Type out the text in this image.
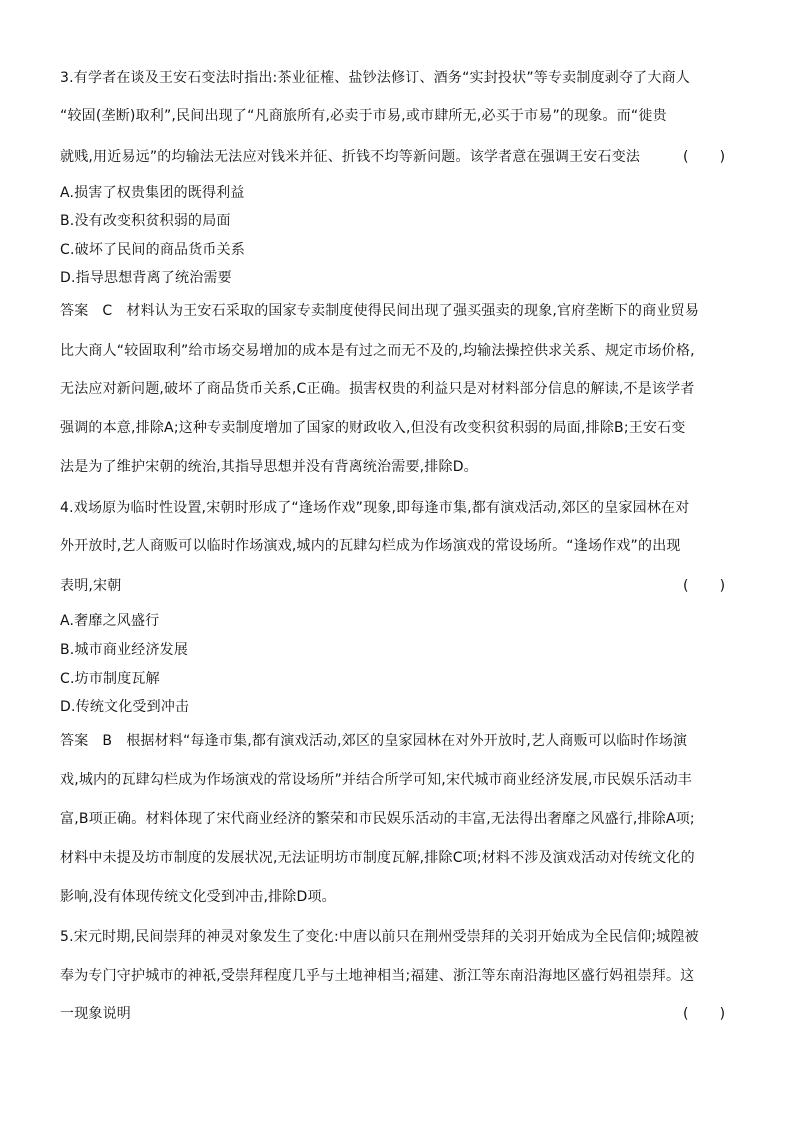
3.有学者在谈及王安石变法时指出:茶业征榷、盐钞法修订、酒务“实封投状”等专卖制度剥夺了大商人
“较固(垄断)取利”,民间出现了“凡商旅所有,必卖于市易,或市肆所无,必买于市易”的现象。而“徙贵
就贱,用近易远”的均输法无法应对钱米并征、折钱不均等新问题。该学者意在强调王安石变法	(       )
A.损害了权贵集团的既得利益
B.没有改变积贫积弱的局面
C.破坏了民间的商品货币关系
D.指导思想背离了统治需要
答案 C 材料认为王安石采取的国家专卖制度使得民间出现了强买强卖的现象,官府垄断下的商业贸易
比大商人“较固取利”给市场交易增加的成本是有过之而无不及的,均输法操控供求关系、规定市场价格,
无法应对新问题,破坏了商品货币关系,C正确。损害权贵的利益只是对材料部分信息的解读,不是该学者
强调的本意,排除A;这种专卖制度增加了国家的财政收入,但没有改变积贫积弱的局面,排除B;王安石变
法是为了维护宋朝的统治,其指导思想并没有背离统治需要,排除D。
4.戏场原为临时性设置,宋朝时形成了“逢场作戏”现象,即每逢市集,都有演戏活动,郊区的皇家园林在对
外开放时,艺人商贩可以临时作场演戏,城内的瓦肆勾栏成为作场演戏的常设场所。“逢场作戏”的出现
表明,宋朝	(       )
A.奢靡之风盛行
B.城市商业经济发展
C.坊市制度瓦解
D.传统文化受到冲击
答案 B 根据材料“每逢市集,都有演戏活动,郊区的皇家园林在对外开放时,艺人商贩可以临时作场演
戏,城内的瓦肆勾栏成为作场演戏的常设场所”并结合所学可知,宋代城市商业经济发展,市民娱乐活动丰
富,B项正确。材料体现了宋代商业经济的繁荣和市民娱乐活动的丰富,无法得出奢靡之风盛行,排除A项;
材料中未提及坊市制度的发展状况,无法证明坊市制度瓦解,排除C项;材料不涉及演戏活动对传统文化的
影响,没有体现传统文化受到冲击,排除D项。
5.宋元时期,民间崇拜的神灵对象发生了变化:中唐以前只在荆州受崇拜的关羽开始成为全民信仰;城隍被
奉为专门守护城市的神祇,受崇拜程度几乎与土地神相当;福建、浙江等东南沿海地区盛行妈祖崇拜。这
一现象说明	(       )
